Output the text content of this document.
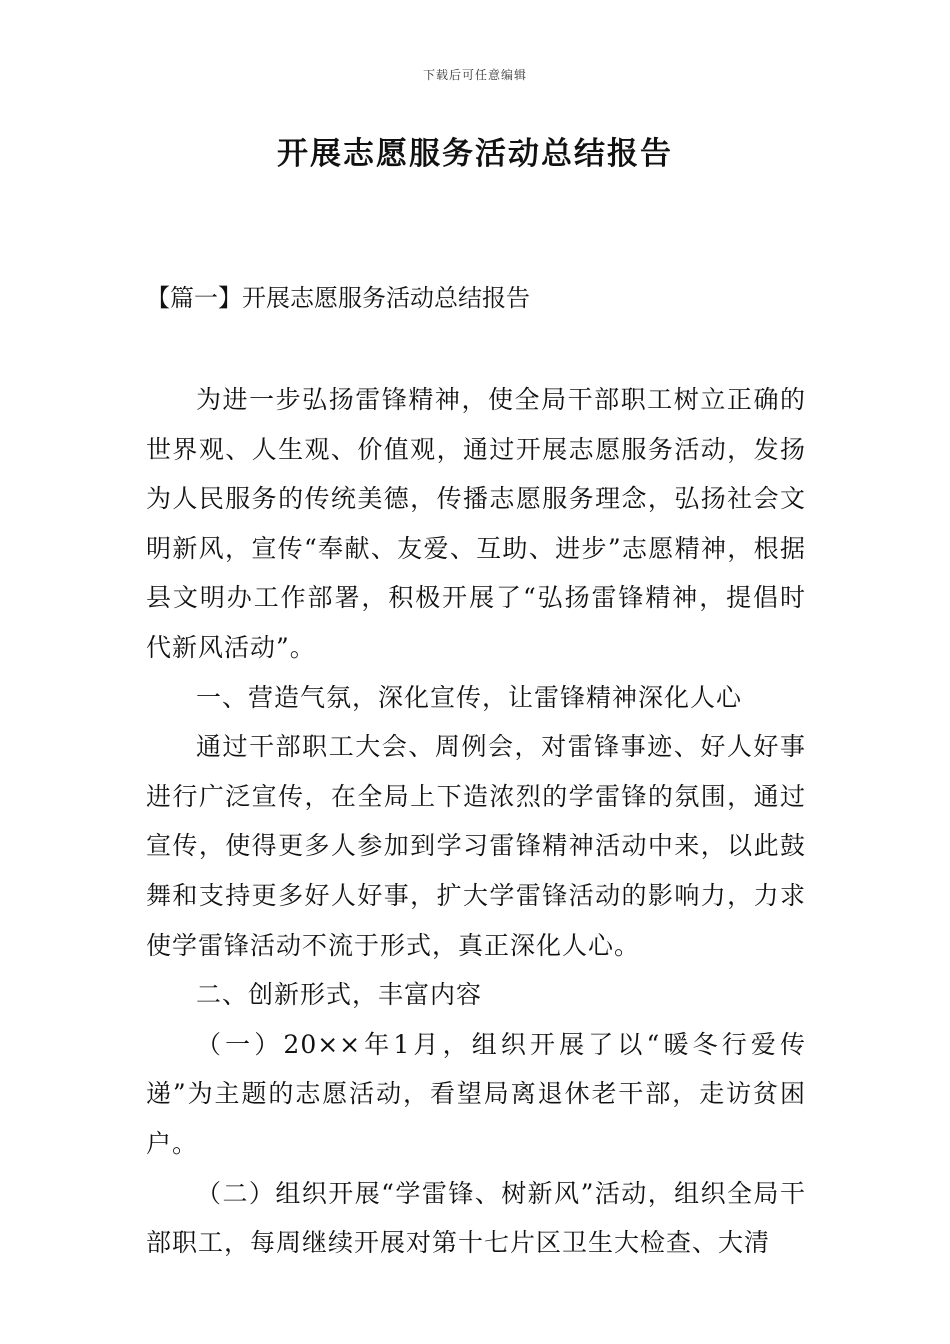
下载后可任意编辑
开展志愿服务活动总结报告
【篇一】开展志愿服务活动总结报告

为进一步弘扬雷锋精神，使全局干部职工树立正确的世界观、人生观、价值观，通过开展志愿服务活动，发扬为人民服务的传统美德，传播志愿服务理念，弘扬社会文明新风，宣传“奉献、友爱、互助、进步”志愿精神，根据县文明办工作部署，积极开展了“弘扬雷锋精神，提倡时代新风活动”。

一、营造气氛，深化宣传，让雷锋精神深化人心

通过干部职工大会、周例会，对雷锋事迹、好人好事进行广泛宣传，在全局上下造浓烈的学雷锋的氛围，通过宣传，使得更多人参加到学习雷锋精神活动中来，以此鼓舞和支持更多好人好事，扩大学雷锋活动的影响力，力求使学雷锋活动不流于形式，真正深化人心。

二、创新形式，丰富内容

（一）20××年1月，组织开展了以“暖冬行爱传递”为主题的志愿活动，看望局离退休老干部，走访贫困户。

（二）组织开展“学雷锋、树新风”活动，组织全局干部职工，每周继续开展对第十七片区卫生大检查、大清
